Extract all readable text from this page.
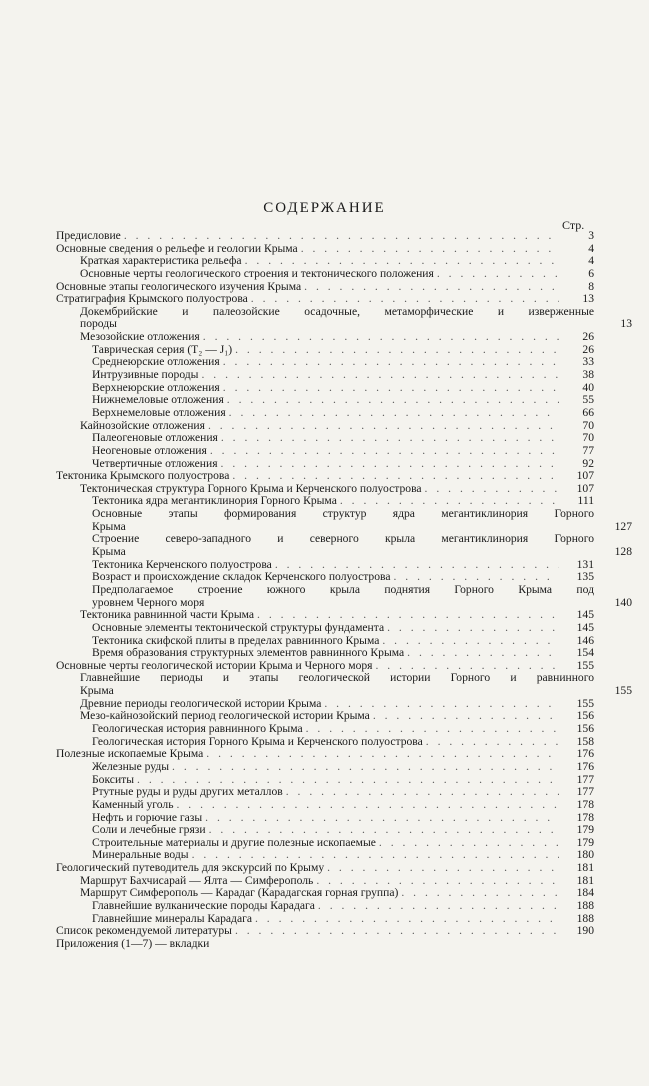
СОДЕРЖАНИЕ
Стр.
Предисловие . . .	3
Основные сведения о рельефе и геологии Крыма . . .	4
Краткая характеристика рельефа . . .	4
Основные черты геологического строения и тектонического положения . . .	6
Основные этапы геологического изучения Крыма . . .	8
Стратиграфия Крымского полуострова . . .	13
Докембрийские и палеозойские осадочные, метаморфические и изверженные
породы	13
Мезозойские отложения . . .	26
Таврическая серия (T₂ — J₁) . . .	26
Среднеюрские отложения . . .	33
Интрузивные породы . . .	38
Верхнеюрские отложения . . .	40
Нижнемеловые отложения . . .	55
Верхнемеловые отложения . . .	66
Кайнозойские отложения . . .	70
Палеогеновые отложения . . .	70
Неогеновые отложения . . .	77
Четвертичные отложения . . .	92
Тектоника Крымского полуострова . . .	107
Тектоническая структура Горного Крыма и Керченского полуострова . . .	107
Тектоника ядра мегантиклинория Горного Крыма . . .	111
Основные этапы формирования структур ядра мегантиклинория Горного
Крыма	127
Строение северо-западного и северного крыла мегантиклинория Горного
Крыма	128
Тектоника Керченского полуострова . . .	131
Возраст и происхождение складок Керченского полуострова . . .	135
Предполагаемое строение южного крыла поднятия Горного Крыма под
уровнем Черного моря	140
Тектоника равнинной части Крыма . . .	145
Основные элементы тектонической структуры фундамента . . .	145
Тектоника скифской плиты в пределах равнинного Крыма . . .	146
Время образования структурных элементов равнинного Крыма . . .	154
Основные черты геологической истории Крыма и Черного моря . . .	155
Главнейшие периоды и этапы геологической истории Горного и равнинного
Крыма	155
Древние периоды геологической истории Крыма . . .	155
Мезо-кайнозойский период геологической истории Крыма . . .	156
Геологическая история равнинного Крыма . . .	156
Геологическая история Горного Крыма и Керченского полуострова . . .	158
Полезные ископаемые Крыма . . .	176
Железные руды . . .	176
Бокситы . . .	177
Ртутные руды и руды других металлов . . .	177
Каменный уголь . . .	178
Нефть и горючие газы . . .	178
Соли и лечебные грязи . . .	179
Строительные материалы и другие полезные ископаемые . . .	179
Минеральные воды . . .	180
Геологический путеводитель для экскурсий по Крыму . . .	181
Маршрут Бахчисарай — Ялта — Симферополь . . .	181
Маршрут Симферополь — Карадаг (Карадагская горная группа) . . .	184
Главнейшие вулканические породы Карадага . . .	188
Главнейшие минералы Карадага . . .	188
Список рекомендуемой литературы . . .	190
Приложения (1—7) — вкладки
